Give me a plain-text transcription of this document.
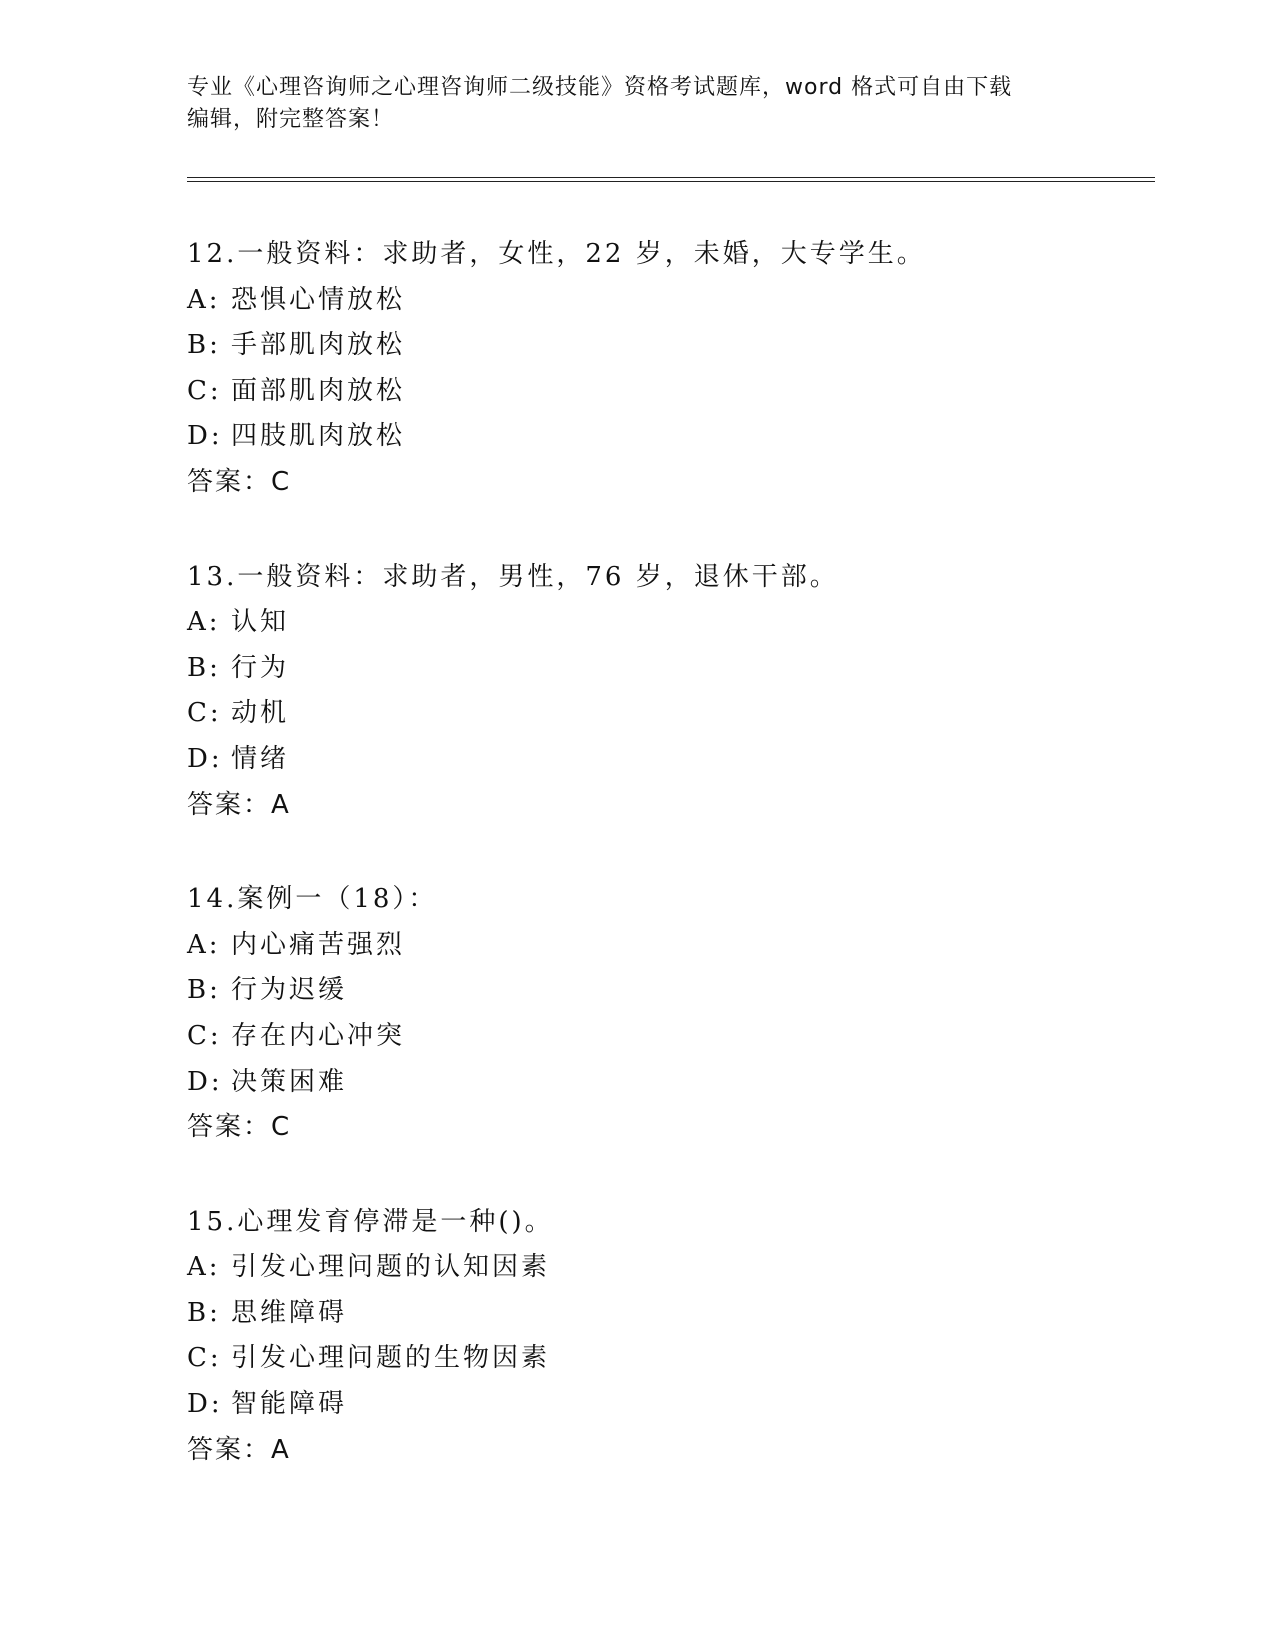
专业《心理咨询师之心理咨询师二级技能》资格考试题库，word 格式可自由下载
编辑，附完整答案！
12.一般资料：求助者，女性，22 岁，未婚，大专学生。
A: 恐惧心情放松
B: 手部肌肉放松
C: 面部肌肉放松
D: 四肢肌肉放松
答案：C
13.一般资料：求助者，男性，76 岁，退休干部。
A: 认知
B: 行为
C: 动机
D: 情绪
答案：A
14.案例一（18）：
A: 内心痛苦强烈
B: 行为迟缓
C: 存在内心冲突
D: 决策困难
答案：C
15.心理发育停滞是一种()。
A: 引发心理问题的认知因素
B: 思维障碍
C: 引发心理问题的生物因素
D: 智能障碍
答案：A
